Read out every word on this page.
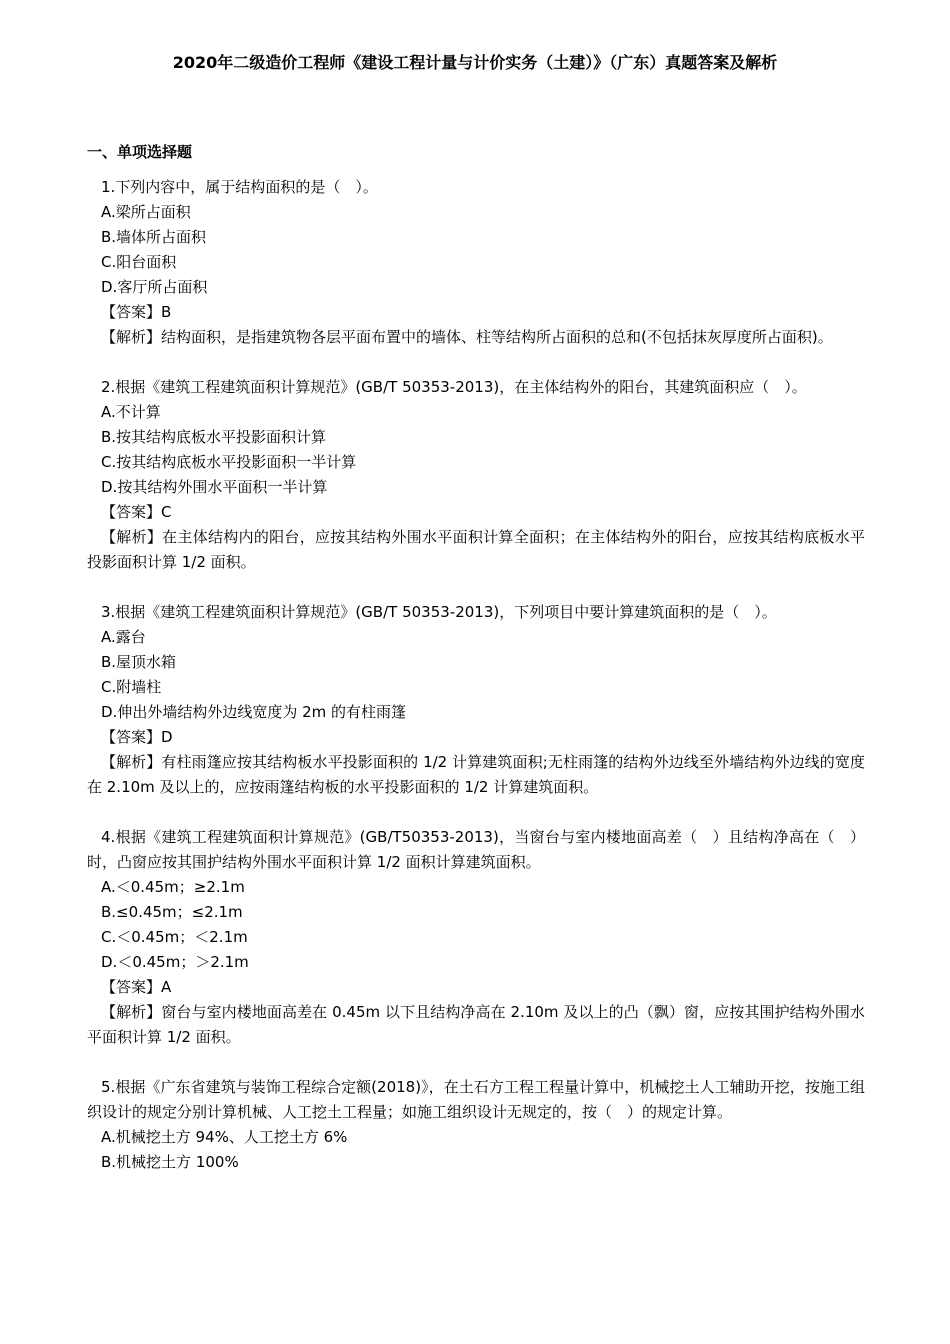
2020年二级造价工程师《建设工程计量与计价实务（土建）》（广东）真题答案及解析
一、单项选择题
1.下列内容中，属于结构面积的是（　）。
A.梁所占面积
B.墙体所占面积
C.阳台面积
D.客厅所占面积
【答案】B
【解析】结构面积，是指建筑物各层平面布置中的墙体、柱等结构所占面积的总和(不包括抹灰厚度所占面积)。
2.根据《建筑工程建筑面积计算规范》(GB/T 50353-2013)，在主体结构外的阳台，其建筑面积应（　）。
A.不计算
B.按其结构底板水平投影面积计算
C.按其结构底板水平投影面积一半计算
D.按其结构外围水平面积一半计算
【答案】C
【解析】在主体结构内的阳台，应按其结构外围水平面积计算全面积；在主体结构外的阳台，应按其结构底板水平投影面积计算 1/2 面积。
3.根据《建筑工程建筑面积计算规范》(GB/T 50353-2013)，下列项目中要计算建筑面积的是（　）。
A.露台
B.屋顶水箱
C.附墙柱
D.伸出外墙结构外边线宽度为 2m 的有柱雨篷
【答案】D
【解析】有柱雨篷应按其结构板水平投影面积的 1/2 计算建筑面积;无柱雨篷的结构外边线至外墙结构外边线的宽度在 2.10m 及以上的，应按雨篷结构板的水平投影面积的 1/2 计算建筑面积。
4.根据《建筑工程建筑面积计算规范》(GB/T50353-2013)，当窗台与室内楼地面高差（　）且结构净高在（　）时，凸窗应按其围护结构外围水平面积计算 1/2 面积计算建筑面积。
A.＜0.45m；≥2.1m
B.≤0.45m；≤2.1m
C.＜0.45m；＜2.1m
D.＜0.45m；＞2.1m
【答案】A
【解析】窗台与室内楼地面高差在 0.45m 以下且结构净高在 2.10m 及以上的凸（飘）窗，应按其围护结构外围水平面积计算 1/2 面积。
5.根据《广东省建筑与装饰工程综合定额(2018)》，在土石方工程工程量计算中，机械挖土人工辅助开挖，按施工组织设计的规定分别计算机械、人工挖土工程量；如施工组织设计无规定的，按（　）的规定计算。
A.机械挖土方 94%、人工挖土方 6%
B.机械挖土方 100%
